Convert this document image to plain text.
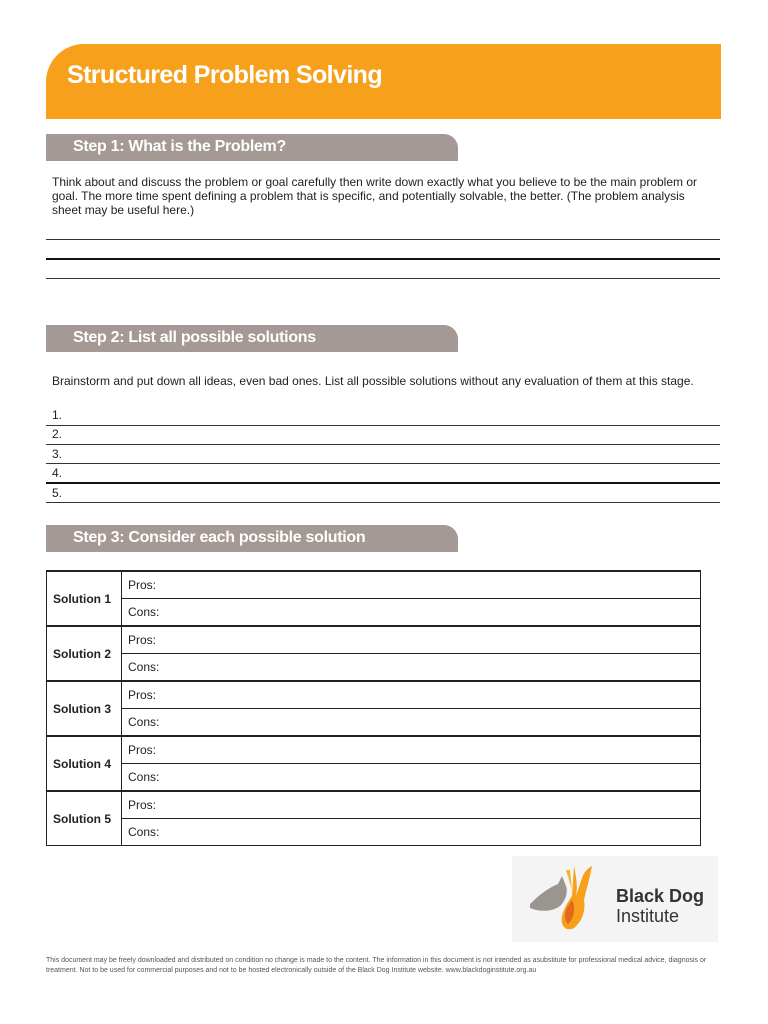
Structured Problem Solving
Step 1: What is the Problem?
Think about and discuss the problem or goal carefully then write down exactly what you believe to be the main problem or goal. The more time spent defining a problem that is specific, and potentially solvable, the better. (The problem analysis sheet may be useful here.)
Step 2: List all possible solutions
Brainstorm and put down all ideas, even bad ones. List all possible solutions without any evaluation of them at this stage.
1.
2.
3.
4.
5.
Step 3: Consider each possible solution
Solution 1	Pros:
	Cons:
Solution 2	Pros:
	Cons:
Solution 3	Pros:
	Cons:
Solution 4	Pros:
	Cons:
Solution 5	Pros:
	Cons:
Black Dog
Institute
This document may be freely downloaded and distributed on condition no change is made to the content. The information in this document is not intended as asubstitute for professional medical advice, diagnosis or treatment. Not to be used for commercial purposes and not to be hosted electronically outside of the Black Dog Institute website. www.blackdoginstitute.org.au
